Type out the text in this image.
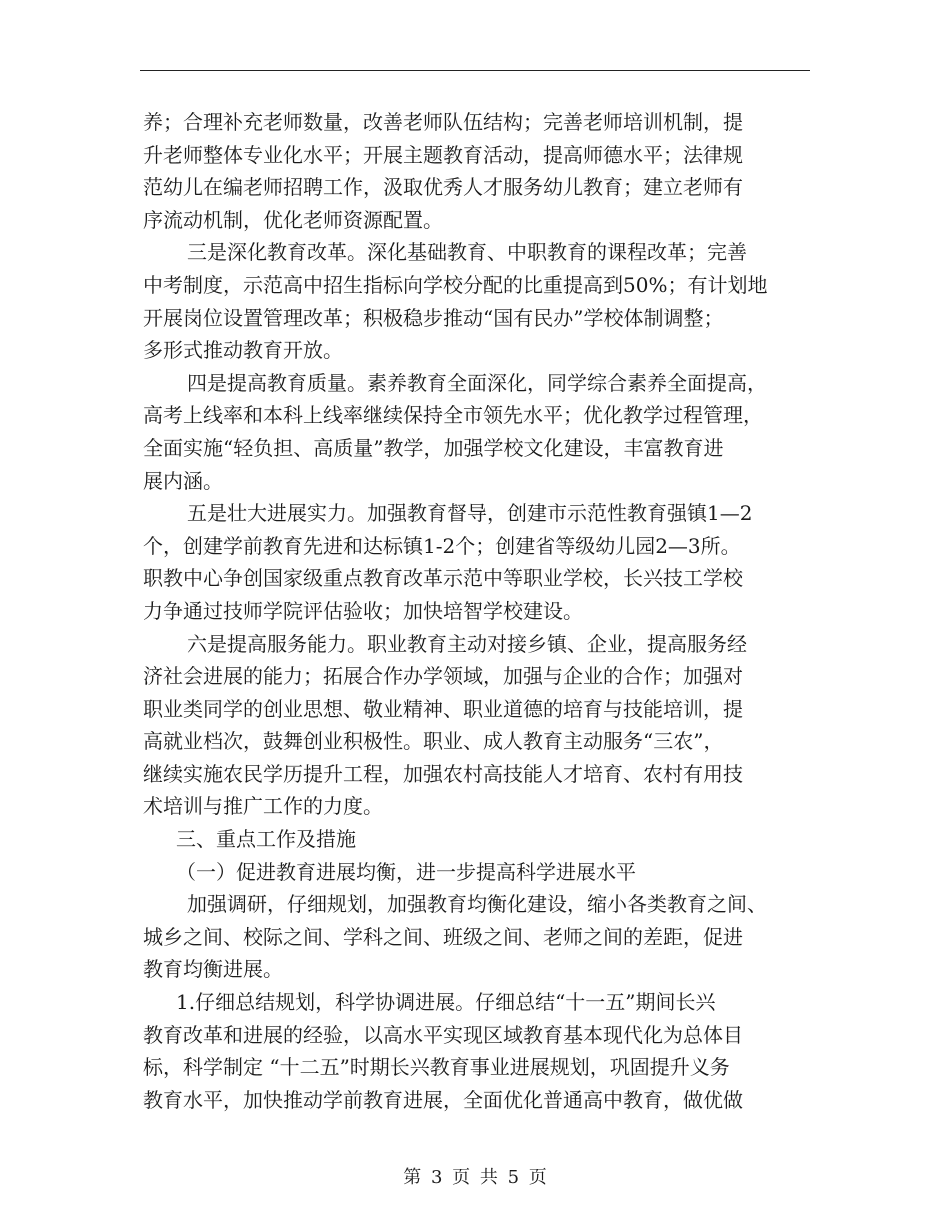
养；合理补充老师数量，改善老师队伍结构；完善老师培训机制，提
升老师整体专业化水平；开展主题教育活动，提高师德水平；法律规
范幼儿在编老师招聘工作，汲取优秀人才服务幼儿教育；建立老师有
序流动机制，优化老师资源配置。
三是深化教育改革。深化基础教育、中职教育的课程改革；完善
中考制度，示范高中招生指标向学校分配的比重提高到50%；有计划地
开展岗位设置管理改革；积极稳步推动“国有民办”学校体制调整；
多形式推动教育开放。
四是提高教育质量。素养教育全面深化，同学综合素养全面提高，
高考上线率和本科上线率继续保持全市领先水平；优化教学过程管理，
全面实施“轻负担、高质量”教学，加强学校文化建设，丰富教育进
展内涵。
五是壮大进展实力。加强教育督导，创建市示范性教育强镇1—2
个，创建学前教育先进和达标镇1-2个；创建省等级幼儿园2—3所。
职教中心争创国家级重点教育改革示范中等职业学校，长兴技工学校
力争通过技师学院评估验收；加快培智学校建设。
六是提高服务能力。职业教育主动对接乡镇、企业，提高服务经
济社会进展的能力；拓展合作办学领域，加强与企业的合作；加强对
职业类同学的创业思想、敬业精神、职业道德的培育与技能培训，提
高就业档次，鼓舞创业积极性。职业、成人教育主动服务“三农”，
继续实施农民学历提升工程，加强农村高技能人才培育、农村有用技
术培训与推广工作的力度。
三、重点工作及措施
（一）促进教育进展均衡，进一步提高科学进展水平
加强调研，仔细规划，加强教育均衡化建设，缩小各类教育之间、
城乡之间、校际之间、学科之间、班级之间、老师之间的差距，促进
教育均衡进展。
1.仔细总结规划，科学协调进展。仔细总结“十一五”期间长兴
教育改革和进展的经验，以高水平实现区域教育基本现代化为总体目
标，科学制定 “十二五”时期长兴教育事业进展规划，巩固提升义务
教育水平，加快推动学前教育进展，全面优化普通高中教育，做优做
第 3 页 共 5 页
